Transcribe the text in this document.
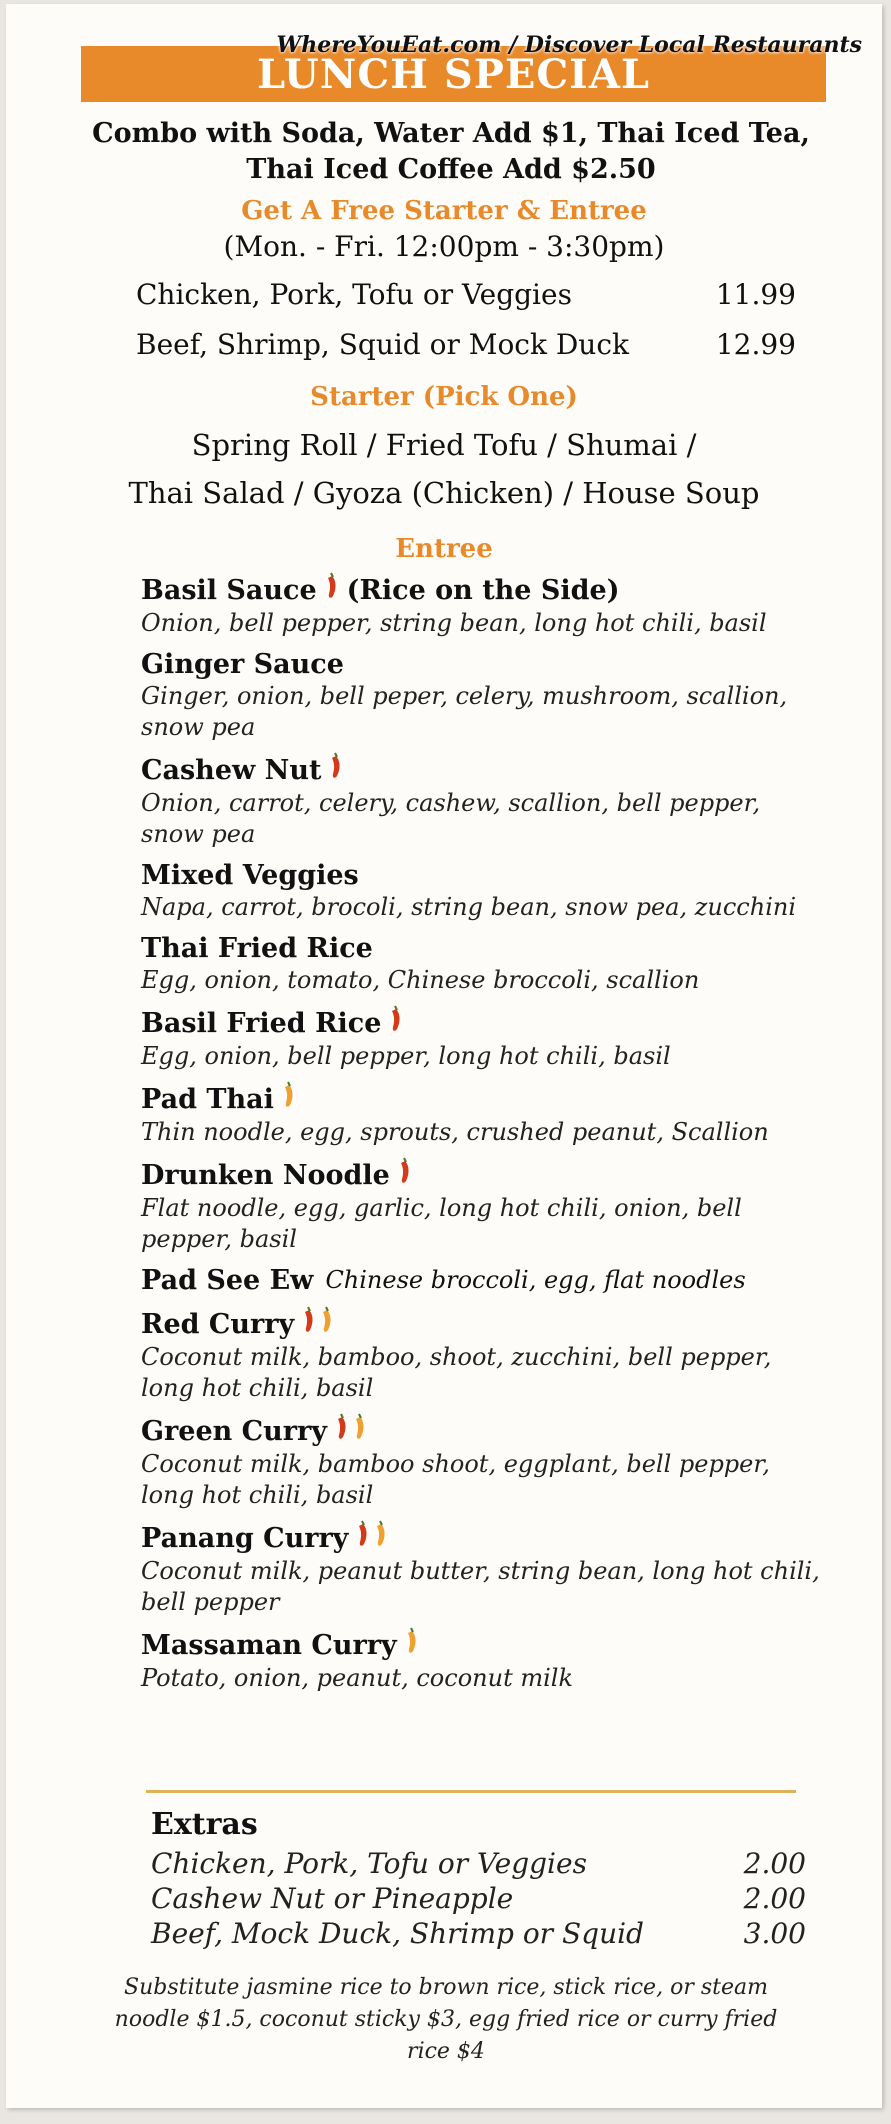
WhereYouEat.com / Discover Local Restaurants
LUNCH SPECIAL
Combo with Soda, Water Add $1, Thai Iced Tea, Thai Iced Coffee Add $2.50
Get A Free Starter & Entree
(Mon. - Fri. 12:00pm - 3:30pm)
Chicken, Pork, Tofu or Veggies	11.99
Beef, Shrimp, Squid or Mock Duck	12.99
Starter (Pick One)
Spring Roll / Fried Tofu / Shumai /
Thai Salad / Gyoza (Chicken) / House Soup
Entree
Basil Sauce (Rice on the Side)
Onion, bell pepper, string bean, long hot chili, basil
Ginger Sauce
Ginger, onion, bell peper, celery, mushroom, scallion, snow pea
Cashew Nut
Onion, carrot, celery, cashew, scallion, bell pepper, snow pea
Mixed Veggies
Napa, carrot, brocoli, string bean, snow pea, zucchini
Thai Fried Rice
Egg, onion, tomato, Chinese broccoli, scallion
Basil Fried Rice
Egg, onion, bell pepper, long hot chili, basil
Pad Thai
Thin noodle, egg, sprouts, crushed peanut, Scallion
Drunken Noodle
Flat noodle, egg, garlic, long hot chili, onion, bell pepper, basil
Pad See Ew Chinese broccoli, egg, flat noodles
Red Curry
Coconut milk, bamboo, shoot, zucchini, bell pepper, long hot chili, basil
Green Curry
Coconut milk, bamboo shoot, eggplant, bell pepper, long hot chili, basil
Panang Curry
Coconut milk, peanut butter, string bean, long hot chili, bell pepper
Massaman Curry
Potato, onion, peanut, coconut milk
Extras
Chicken, Pork, Tofu or Veggies	2.00
Cashew Nut or Pineapple	2.00
Beef, Mock Duck, Shrimp or Squid	3.00
Substitute jasmine rice to brown rice, stick rice, or steam noodle $1.5, coconut sticky $3, egg fried rice or curry fried rice $4
